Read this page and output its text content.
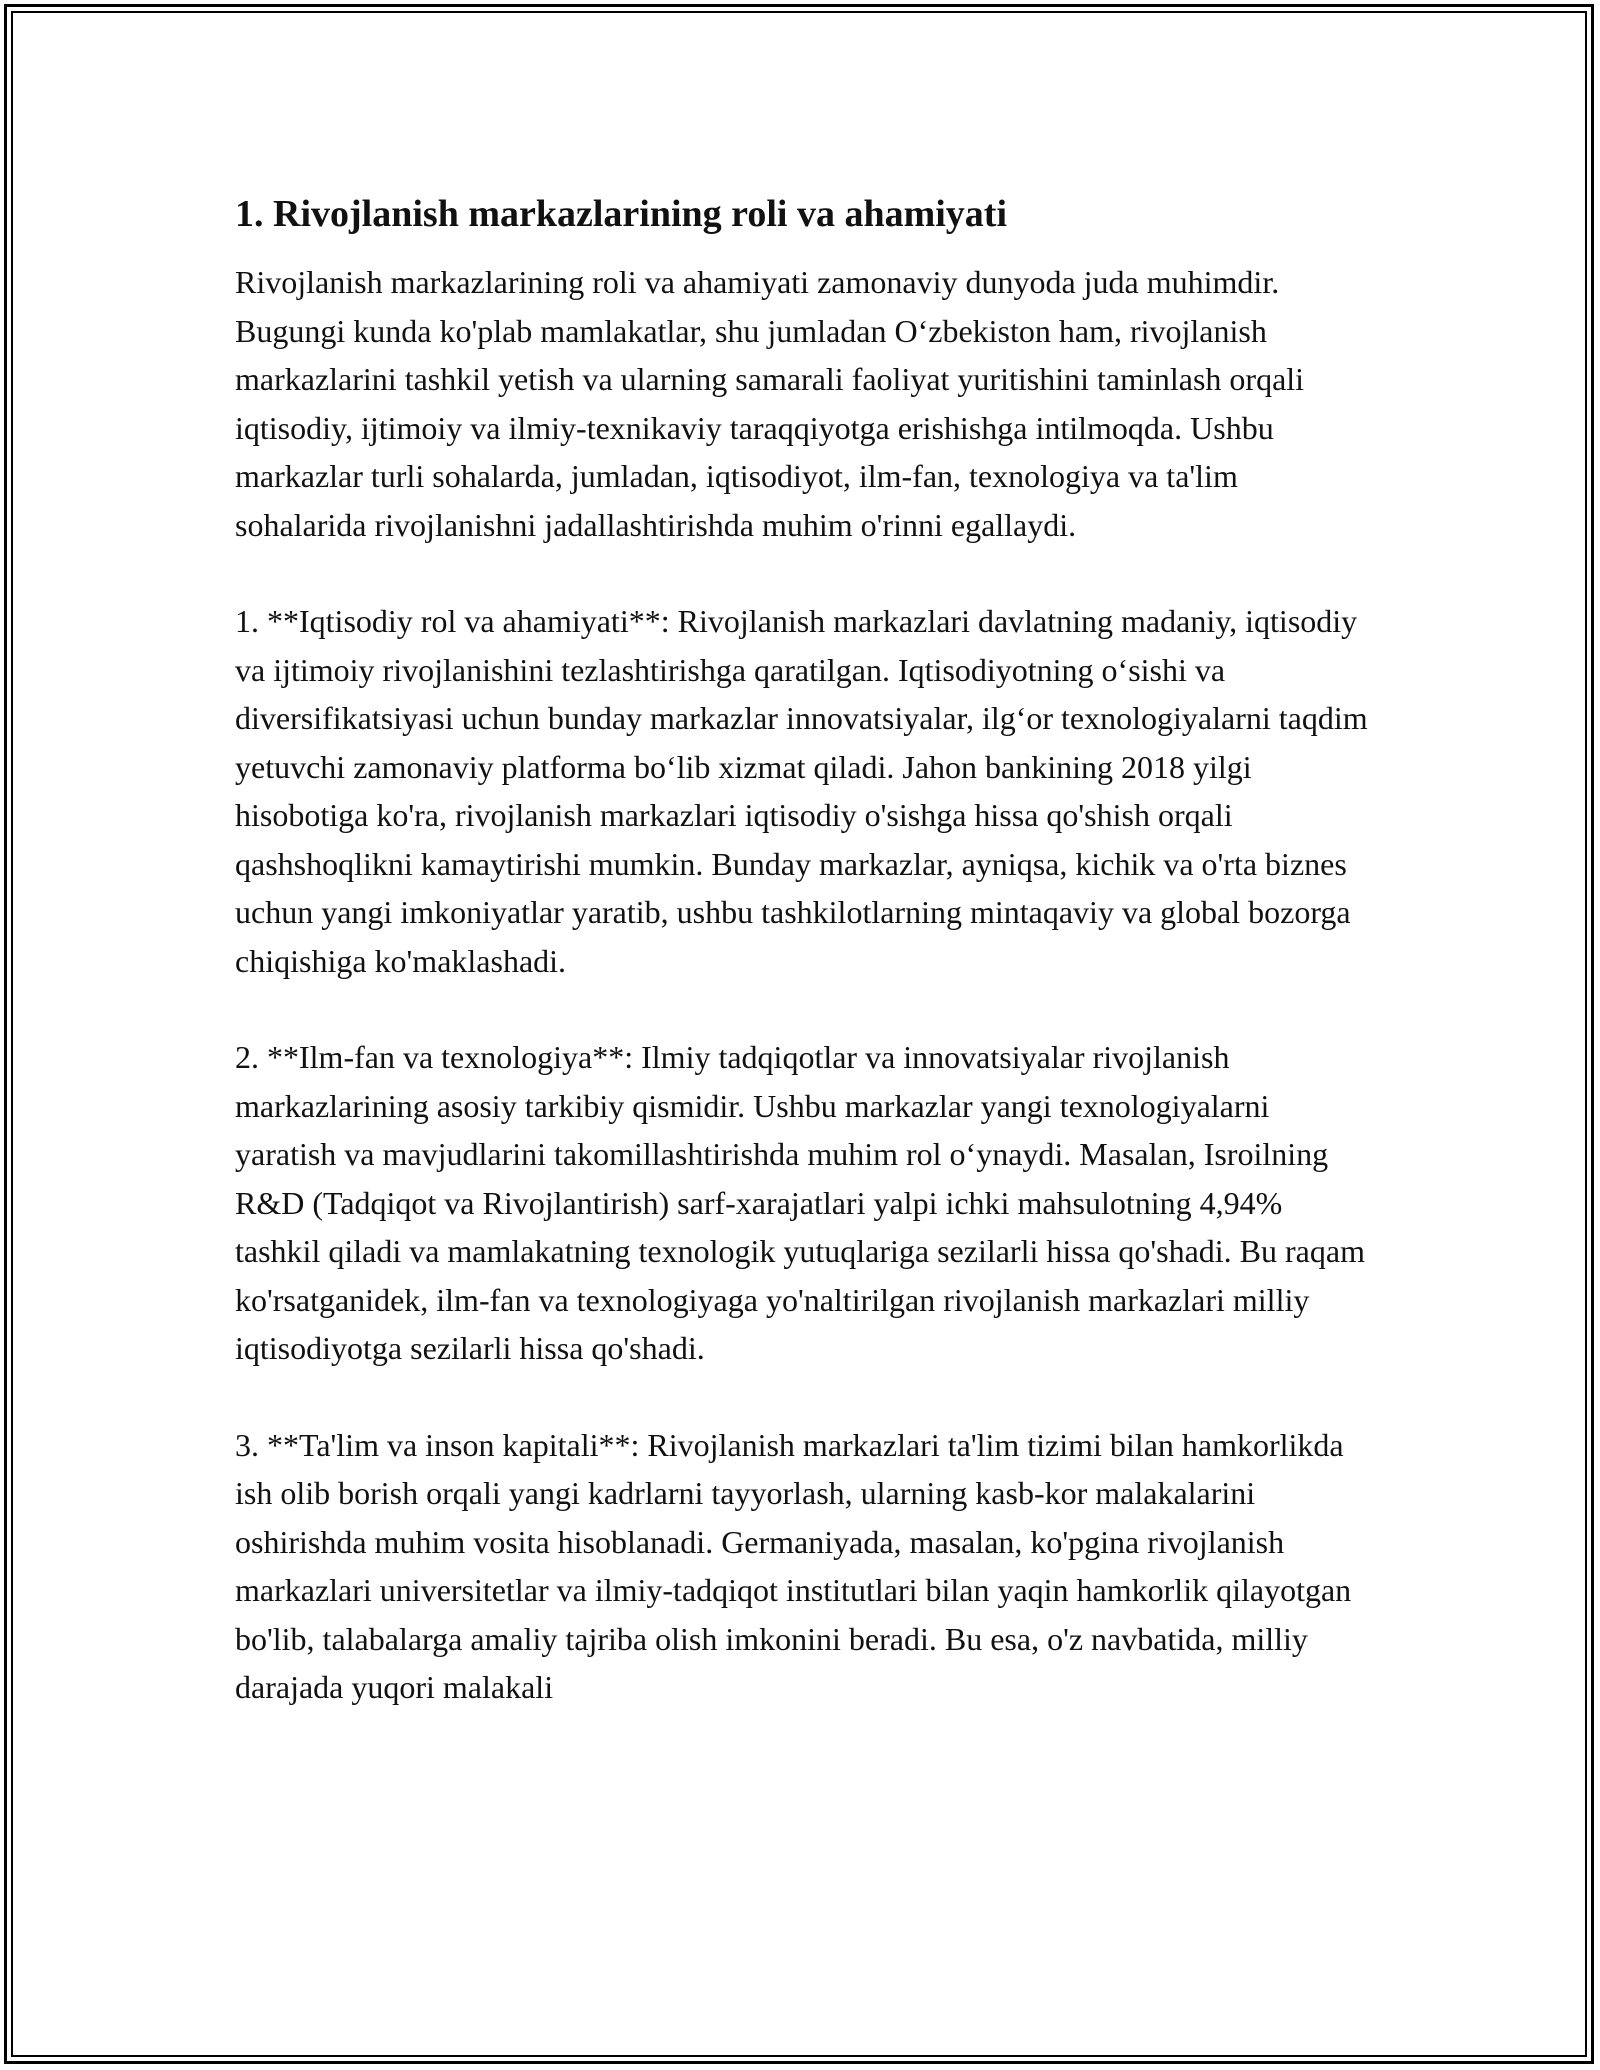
1. Rivojlanish markazlarining roli va ahamiyati

Rivojlanish markazlarining roli va ahamiyati zamonaviy dunyoda juda muhimdir. Bugungi kunda ko'plab mamlakatlar, shu jumladan O‘zbekiston ham, rivojlanish markazlarini tashkil yetish va ularning samarali faoliyat yuritishini taminlash orqali iqtisodiy, ijtimoiy va ilmiy-texnikaviy taraqqiyotga erishishga intilmoqda. Ushbu markazlar turli sohalarda, jumladan, iqtisodiyot, ilm-fan, texnologiya va ta'lim sohalarida rivojlanishni jadallashtirishda muhim o'rinni egallaydi.

1. **Iqtisodiy rol va ahamiyati**: Rivojlanish markazlari davlatning madaniy, iqtisodiy va ijtimoiy rivojlanishini tezlashtirishga qaratilgan. Iqtisodiyotning o‘sishi va diversifikatsiyasi uchun bunday markazlar innovatsiyalar, ilg‘or texnologiyalarni taqdim yetuvchi zamonaviy platforma bo‘lib xizmat qiladi. Jahon bankining 2018 yilgi hisobotiga ko'ra, rivojlanish markazlari iqtisodiy o'sishga hissa qo'shish orqali qashshoqlikni kamaytirishi mumkin. Bunday markazlar, ayniqsa, kichik va o'rta biznes uchun yangi imkoniyatlar yaratib, ushbu tashkilotlarning mintaqaviy va global bozorga chiqishiga ko'maklashadi.

2. **Ilm-fan va texnologiya**: Ilmiy tadqiqotlar va innovatsiyalar rivojlanish markazlarining asosiy tarkibiy qismidir. Ushbu markazlar yangi texnologiyalarni yaratish va mavjudlarini takomillashtirishda muhim rol o‘ynaydi. Masalan, Isroilning R&D (Tadqiqot va Rivojlantirish) sarf-xarajatlari yalpi ichki mahsulotning 4,94% tashkil qiladi va mamlakatning texnologik yutuqlariga sezilarli hissa qo'shadi. Bu raqam ko'rsatganidek, ilm-fan va texnologiyaga yo'naltirilgan rivojlanish markazlari milliy iqtisodiyotga sezilarli hissa qo'shadi.

3. **Ta'lim va inson kapitali**: Rivojlanish markazlari ta'lim tizimi bilan hamkorlikda ish olib borish orqali yangi kadrlarni tayyorlash, ularning kasb-kor malakalarini oshirishda muhim vosita hisoblanadi. Germaniyada, masalan, ko'pgina rivojlanish markazlari universitetlar va ilmiy-tadqiqot institutlari bilan yaqin hamkorlik qilayotgan bo'lib, talabalarga amaliy tajriba olish imkonini beradi. Bu esa, o'z navbatida, milliy darajada yuqori malakali
